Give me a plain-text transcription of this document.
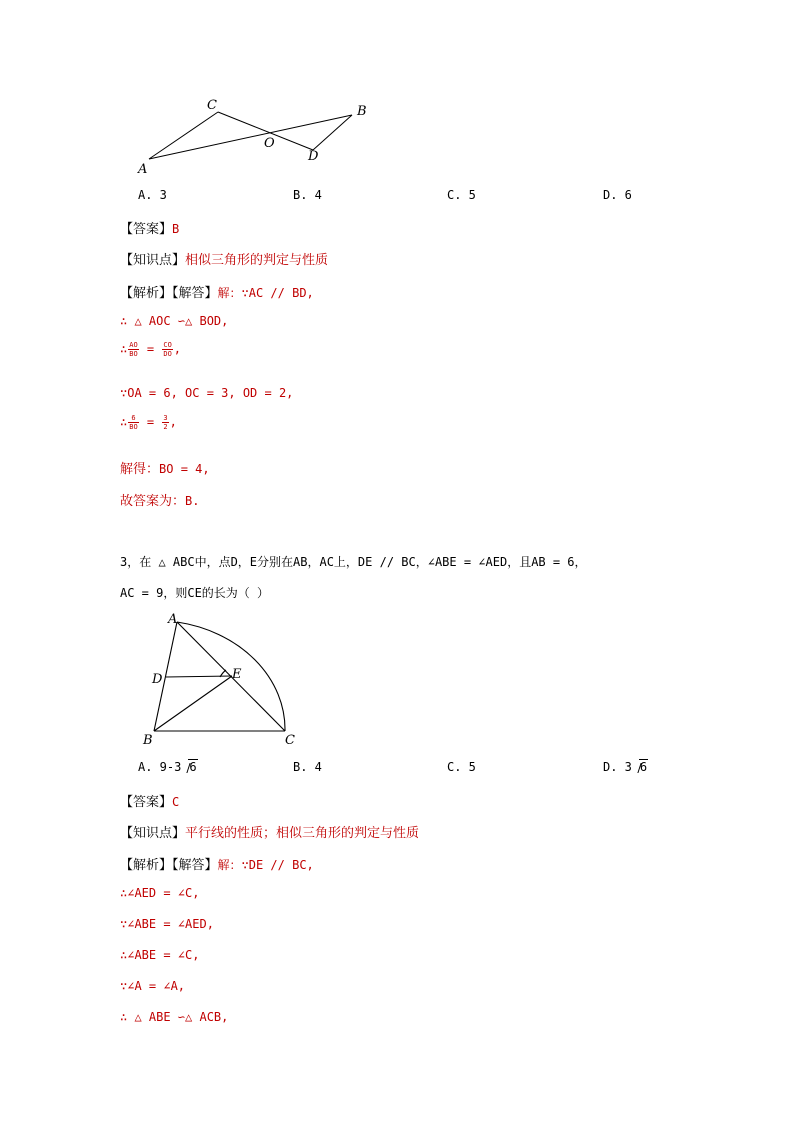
C	B
O
D
A
A. 3	B. 4	C. 5	D. 6
【答案】B
【知识点】相似三角形的判定与性质
【解析】【解答】解：∵AC // BD,
∴ △ AOC ∽△ BOD,
∴ $\frac{AO}{BO} = \frac{CO}{DO}$ ,
∵OA = 6, OC = 3, OD = 2,
∴ $\frac{6}{BO} = \frac{3}{2}$ ,
解得：BO = 4,
故答案为：B.
3，在 △ ABC中，点D，E分别在AB，AC上，DE // BC，∠ABE = ∠AED，且AB = 6，
AC = 9，则CE的长为（ ）
A
D	E
B	C
A. 9-3 6	B. 4	C. 5	D. 3 6
【答案】C
【知识点】平行线的性质；相似三角形的判定与性质
【解析】【解答】解：∵DE // BC,
∴∠AED = ∠C,
∵∠ABE = ∠AED,
∴∠ABE = ∠C,
∵∠A = ∠A,
∴ △ ABE ∽△ ACB,
